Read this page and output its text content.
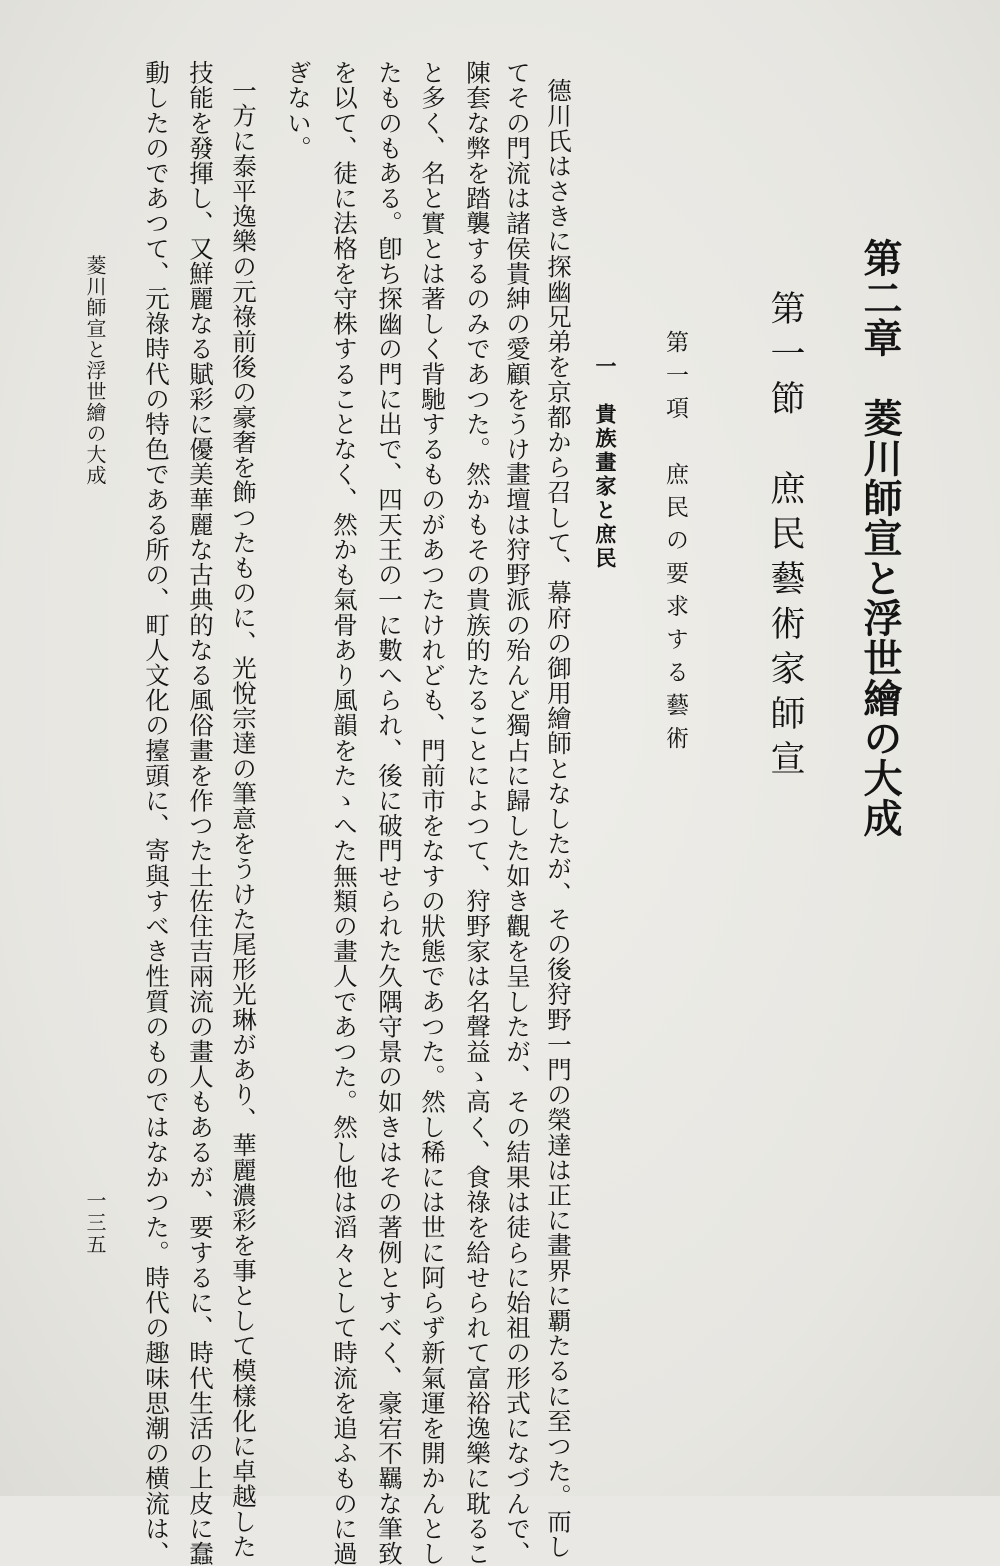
第二章　菱川師宣と浮世繪の大成
第一節　庶民藝術家師宣
第一項　庶民の要求する藝術
一　貴族畫家と庶民
德川氏はさきに探幽兄弟を京都から召して、幕府の御用繪師となしたが、その後狩野一門の榮達は正に畫界に覇たるに至つた。而し
てその門流は諸侯貴紳の愛顧をうけ畫壇は狩野派の殆んど獨占に歸した如き觀を呈したが、その結果は徒らに始祖の形式になづんで、
陳套な弊を踏襲するのみであつた。然かもその貴族的たることによつて、狩野家は名聲益ゝ高く、食祿を給せられて富裕逸樂に耽るこ
と多く、名と實とは著しく背馳するものがあつたけれども、門前市をなすの狀態であつた。然し稀には世に阿らず新氣運を開かんとし
たものもある。卽ち探幽の門に出で、四天王の一に數へられ、後に破門せられた久隅守景の如きはその著例とすべく、豪宕不羈な筆致
を以て、徒に法格を守株することなく、然かも氣骨あり風韻をたゝへた無類の畫人であつた。然し他は滔々として時流を追ふものに過
ぎない。
一方に泰平逸樂の元祿前後の豪奢を飾つたものに、光悅宗達の筆意をうけた尾形光琳があり、華麗濃彩を事として模樣化に卓越した
技能を發揮し、又鮮麗なる賦彩に優美華麗な古典的なる風俗畫を作つた土佐住吉兩流の畫人もあるが、要するに、時代生活の上皮に蠢
動したのであつて、元祿時代の特色である所の、町人文化の擡頭に、寄與すべき性質のものではなかつた。時代の趣味思潮の横流は、
菱川師宣と浮世繪の大成
一三五
